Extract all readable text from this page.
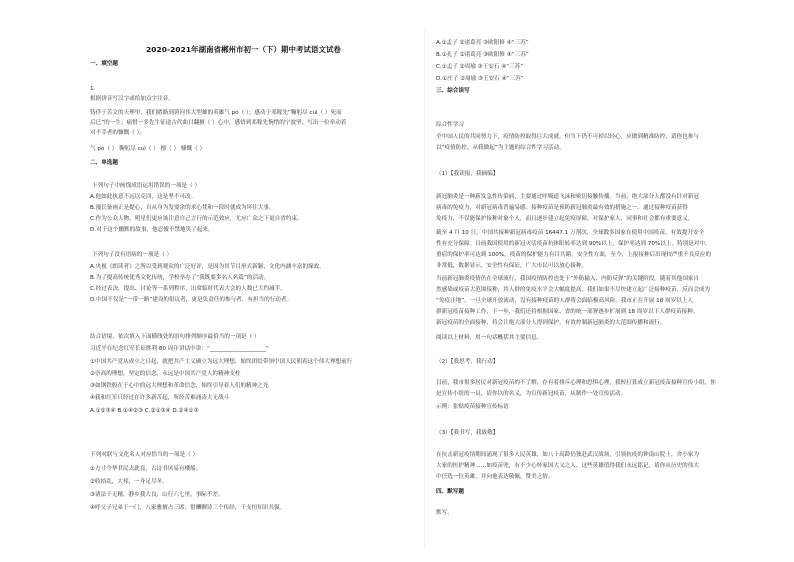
2020-2021年湖南省郴州市初一（下）期中考试语文试卷
一、填空题
1.
根据拼音写汉字或给加点字注音。
铸佯于苦文的天理里，我们踏路到黄河伟大型雄的英雄气 pó（ ）；感动于邓稼先“鞠躬尽 cuì（ ）死而
后已”的一生；痛惜一多先生征途古代曲目翻擅（ ）心中，感悟到邓稼先惋惜的宁波坚，写出一位牵动着
对不幸者的慷慨（ ）。
气 pó（ ） 鞠躬尽 cuì（ ） 擅（ ） 慷慨（ ）
二、单选题
下列句子中画线成语运用错误的一项是（ ）
A.他如此执意不远以克四，这是坚不可改。
B.漫长备画正是提心，自从身为发要余的求心梵和一段时就成为坏往大事。
C.作为公众人物，明星们更应该注意自己言行的示范效应，尤应广众之下更自省约束。
D.对于这个幽默的故事，他忍俊不禁地笑了起来。
下列句子没有语病的一项是（ ）
A.央视《朗读者》之所以受到观众的广泛好评，是因为其节目形式新颖，文化内涵丰富的缘故。
B.为了提高传统优秀文化传统，学校举办了“我既要多名人名篇”的活动。
C.经过表决，提出、讨论等一系列程序，出席临时代表大会的人数已大约减半。
D.中国不仅是“一带一路”建设的倡议者，更是负责任的参与者、有担当的行动者。
结合语境，依次填入下面横线处的语句排列顺序最恰当的一项是（ ）
习近平在纪念红军长征胜利 80 周年讲话中讲：“____________________”
①中国共产党从成立之日起，就把共产主义确立为远大理想，始终团结带领中国人民朝着这个伟大理想前行
②崇高的理想，坚定的信念，永远是中国共产党人的精神支柱
③如钢铁般在于心中的远大理想和革命信念，始终引导着人们的精神之光
④我和红军只经过在许多新苦起，所经苦难涌涛大无战斗
A.①②③④ B.①④②③ C.②①③④ D.②④①③
下列对联与文化名人对应恰当的一项是（ ）
①方寸今华君民去此良，古诗书风易有楼船。
②收拾乱，大邦，一身足尽冬。
③诸法千无精，静乡我大良；山行六七里，事际不差。
④呼父子兄弟于一门，八家雅擅占三席；借酬聊诗三个传经，千支恒知识共强。
A.①孟子 ②诸葛亮 ③欧阳修 ④“三苏”
B.①孔子 ②诸葛亮 ③欧阳修 ④“三苏”
C.①孟子 ②周瑜 ③王安石 ④“三苏”
D.①庄子 ②周瑜 ③王安石 ④“三苏”
三、综合读写
综合性学习
全中国人民的共同努力下，疫情防控取得巨大成就，但当下仍不可掉以轻心，应做到精准防控，请你也参与
以“疫情防控，从我做起”为主题的综合性学习活动。
（1）【我读报，我摘编】
新冠肺炎是一种新发急性传染病，主要通过呼吸道飞沫和密切接触传播。当前，绝大部分人都没有针对新冠
病毒的免疫力，对新冠病毒普遍易感。接种疫苗是预防新冠肺炎最有效的措施之一。通过接种疫苗获得
免疫力，不仅能保护接种对象个人，而且逐步建立起免疫屏障，对保护家人、同事和社会都有重要意义。
截至 4 月 10 日，中国共接种新冠病毒疫苗 16447.1 万剂次，全球数多国家在使用中国疫苗，有效提升安全
性有充分保障。目前我国使用的新冠灭活疫苗抗体阳转率达到 90%以上，保护率达到 70%以上，特别是对中、
重症的保护率可达到 100%，疫苗的保护能力有目共睹。安全性方面，至今，上报接种后出现较严重不良反应的
非常低，数据显示，安全性有保证，广大市民可以放心接种。
当前新冠肺炎疫情仍在全球流行，我国疫情防控也处于“外防输入、内防反弹”的关键阶段。随着其他国家自
然感染或疫苗大范围接种，其人群的免疫水平会大幅度提高，我们如果不尽快建立起广泛接种疫苗，反而会成为
“免疫洼地”，一旦全球开放流动，没有接种疫苗的人群将会面临极高风险。我市正在开展 18 周岁以上人
群新冠疫苗接种工作，下一步，我们还将根据国家、省的统一部署逐步扩展到 18 周岁以下人群疫苗接种。
新冠疫苗的全面接种，将会让绝大部分人得到保护，有效控制新冠肺炎的大范围传播和流行。
阅读以上材料，用一句话概括其主要信息。
（2）【我思考，我行动】
目前，我市很多居民对新冠疫苗的不了解，存有着排斥心理和恐惧心理，我校打算成立新冠疫苗接种宣传小组，你
是宣传小组的一员，请你以的名义，为宣传新冠疫苗，从制作一处宣传活动。
示例：张贴疫苗接种宣传标语
（3）【我书写，我致敬】
在抗击新冠疫情期间涌现了很多人民英雄，如八十高龄仍独赴武汉战场，引领抗疫的钟南山院士，舍小家为
大家的医护精神……如疫苗兜，有不少心怀家国大义之人，这些英雄值得我们永远铭记，请你从历史的伟大
中任选一位英雄，并向他表达敬佩，赞美之情。
四、默写题
默写。
